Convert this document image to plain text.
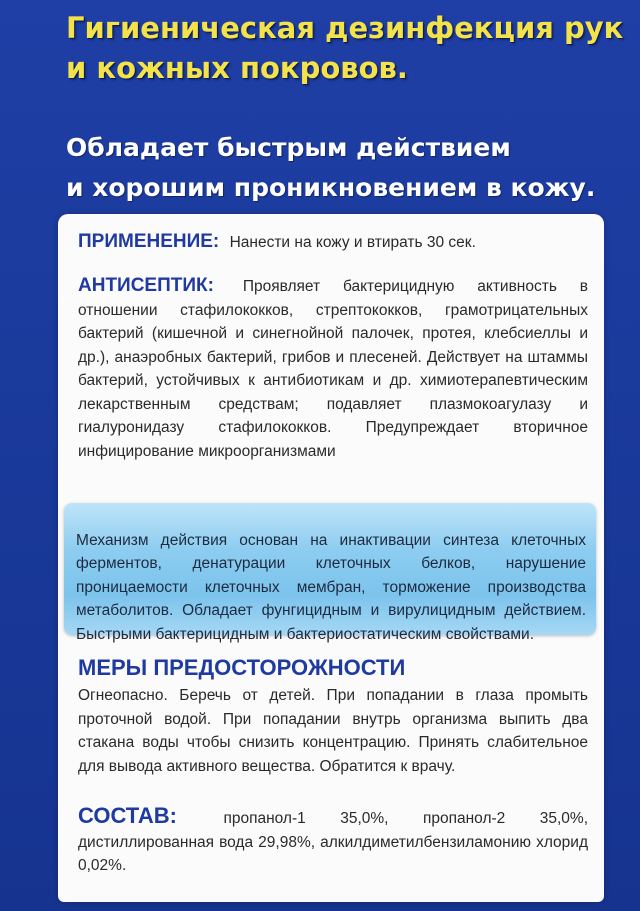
Гигиеническая дезинфекция рук
и кожных покровов.
Обладает быстрым действием
и хорошим проникновением в кожу.

ПРИМЕНЕНИЕ: Нанести на кожу и втирать 30 сек.

АНТИСЕПТИК: Проявляет бактерицидную активность в отношении стафилококков, стрептококков, грамотрицательных бактерий (кишечной и синегнойной палочек, протея, клебсиеллы и др.), анаэробных бактерий, грибов и плесеней. Действует на штаммы бактерий, устойчивых к антибиотикам и др. химиотерапевтическим лекарственным средствам; подавляет плазмокоагулазу и гиалуронидазу стафилококков. Предупреждает вторичное инфицирование микроорганизмами

Механизм действия основан на инактивации синтеза клеточных ферментов, денатурации клеточных белков, нарушение проницаемости клеточных мембран, торможение производства метаболитов. Обладает фунгицидным и вирулицидным действием. Быстрыми бактерицидным и бактериостатическим свойствами.

МЕРЫ ПРЕДОСТОРОЖНОСТИ

Огнеопасно. Беречь от детей. При попадании в глаза промыть проточной водой. При попадании внутрь организма выпить два стакана воды чтобы снизить концентрацию. Принять слабительное для вывода активного вещества. Обратится к врачу.

СОСТАВ:	пропанол-1 35,0%, пропанол-2 35,0%, дистиллированная вода 29,98%, алкилдиметилбензиламонию хлорид 0,02%.
